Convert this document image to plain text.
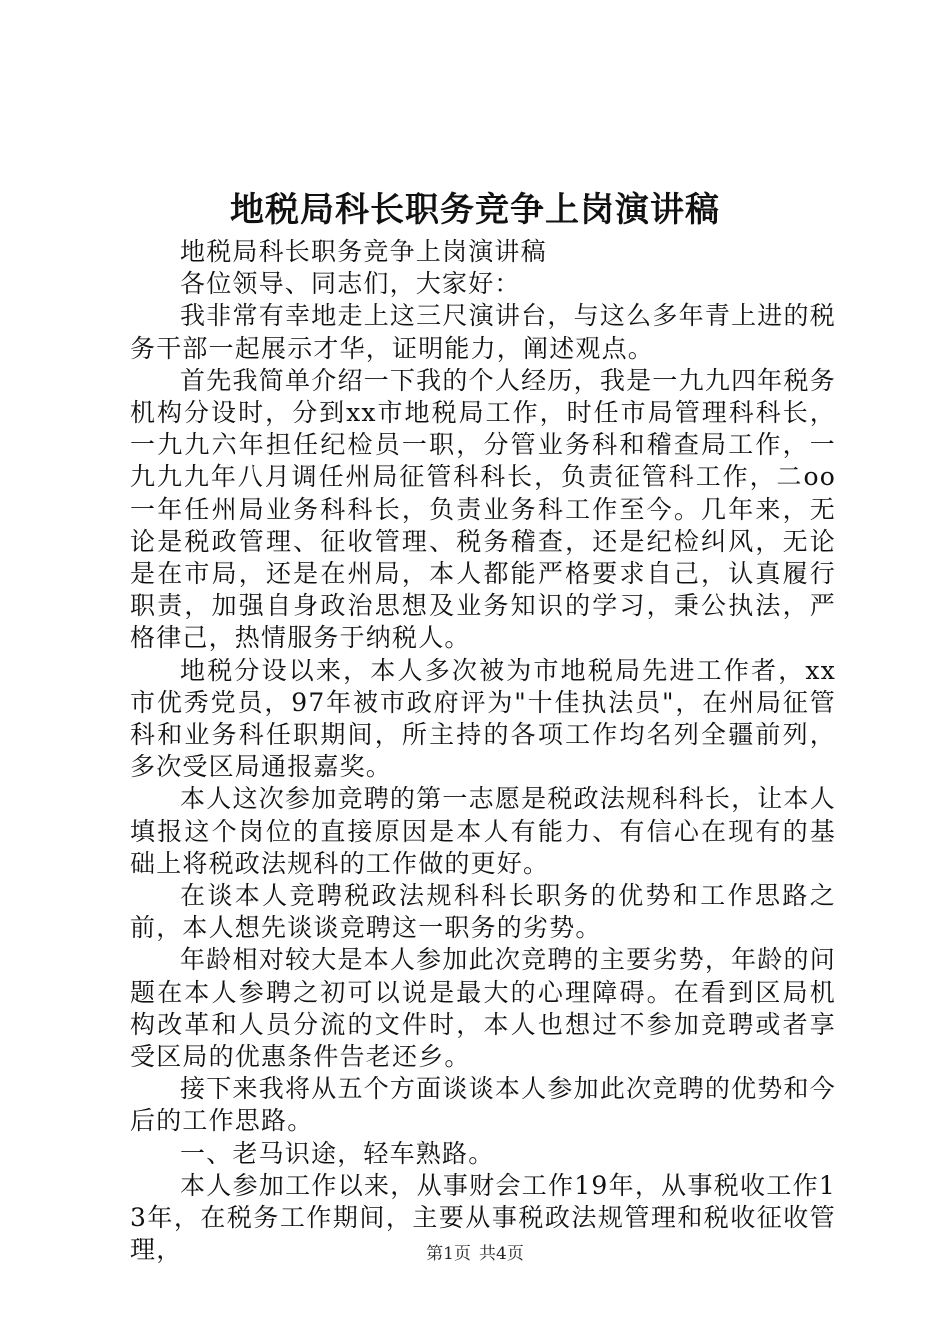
地税局科长职务竞争上岗演讲稿

地税局科长职务竞争上岗演讲稿

各位领导、同志们，大家好：

我非常有幸地走上这三尺演讲台，与这么多年青上进的税务干部一起展示才华，证明能力，阐述观点。

首先我简单介绍一下我的个人经历，我是一九九四年税务机构分设时，分到xx市地税局工作，时任市局管理科科长，一九九六年担任纪检员一职，分管业务科和稽查局工作，一九九九年八月调任州局征管科科长，负责征管科工作，二oo一年任州局业务科科长，负责业务科工作至今。几年来，无论是税政管理、征收管理、税务稽查，还是纪检纠风，无论是在市局，还是在州局，本人都能严格要求自己，认真履行职责，加强自身政治思想及业务知识的学习，秉公执法，严格律己，热情服务于纳税人。

地税分设以来，本人多次被为市地税局先进工作者，xx市优秀党员，97年被市政府评为"十佳执法员"，在州局征管科和业务科任职期间，所主持的各项工作均名列全疆前列，多次受区局通报嘉奖。

本人这次参加竞聘的第一志愿是税政法规科科长，让本人填报这个岗位的直接原因是本人有能力、有信心在现有的基础上将税政法规科的工作做的更好。

在谈本人竞聘税政法规科科长职务的优势和工作思路之前，本人想先谈谈竞聘这一职务的劣势。

年龄相对较大是本人参加此次竞聘的主要劣势，年龄的问题在本人参聘之初可以说是最大的心理障碍。在看到区局机构改革和人员分流的文件时，本人也想过不参加竞聘或者享受区局的优惠条件告老还乡。

接下来我将从五个方面谈谈本人参加此次竞聘的优势和今后的工作思路。

一、老马识途，轻车熟路。

本人参加工作以来，从事财会工作19年，从事税收工作13年，在税务工作期间，主要从事税政法规管理和税收征收管理，	第1页 共4页
